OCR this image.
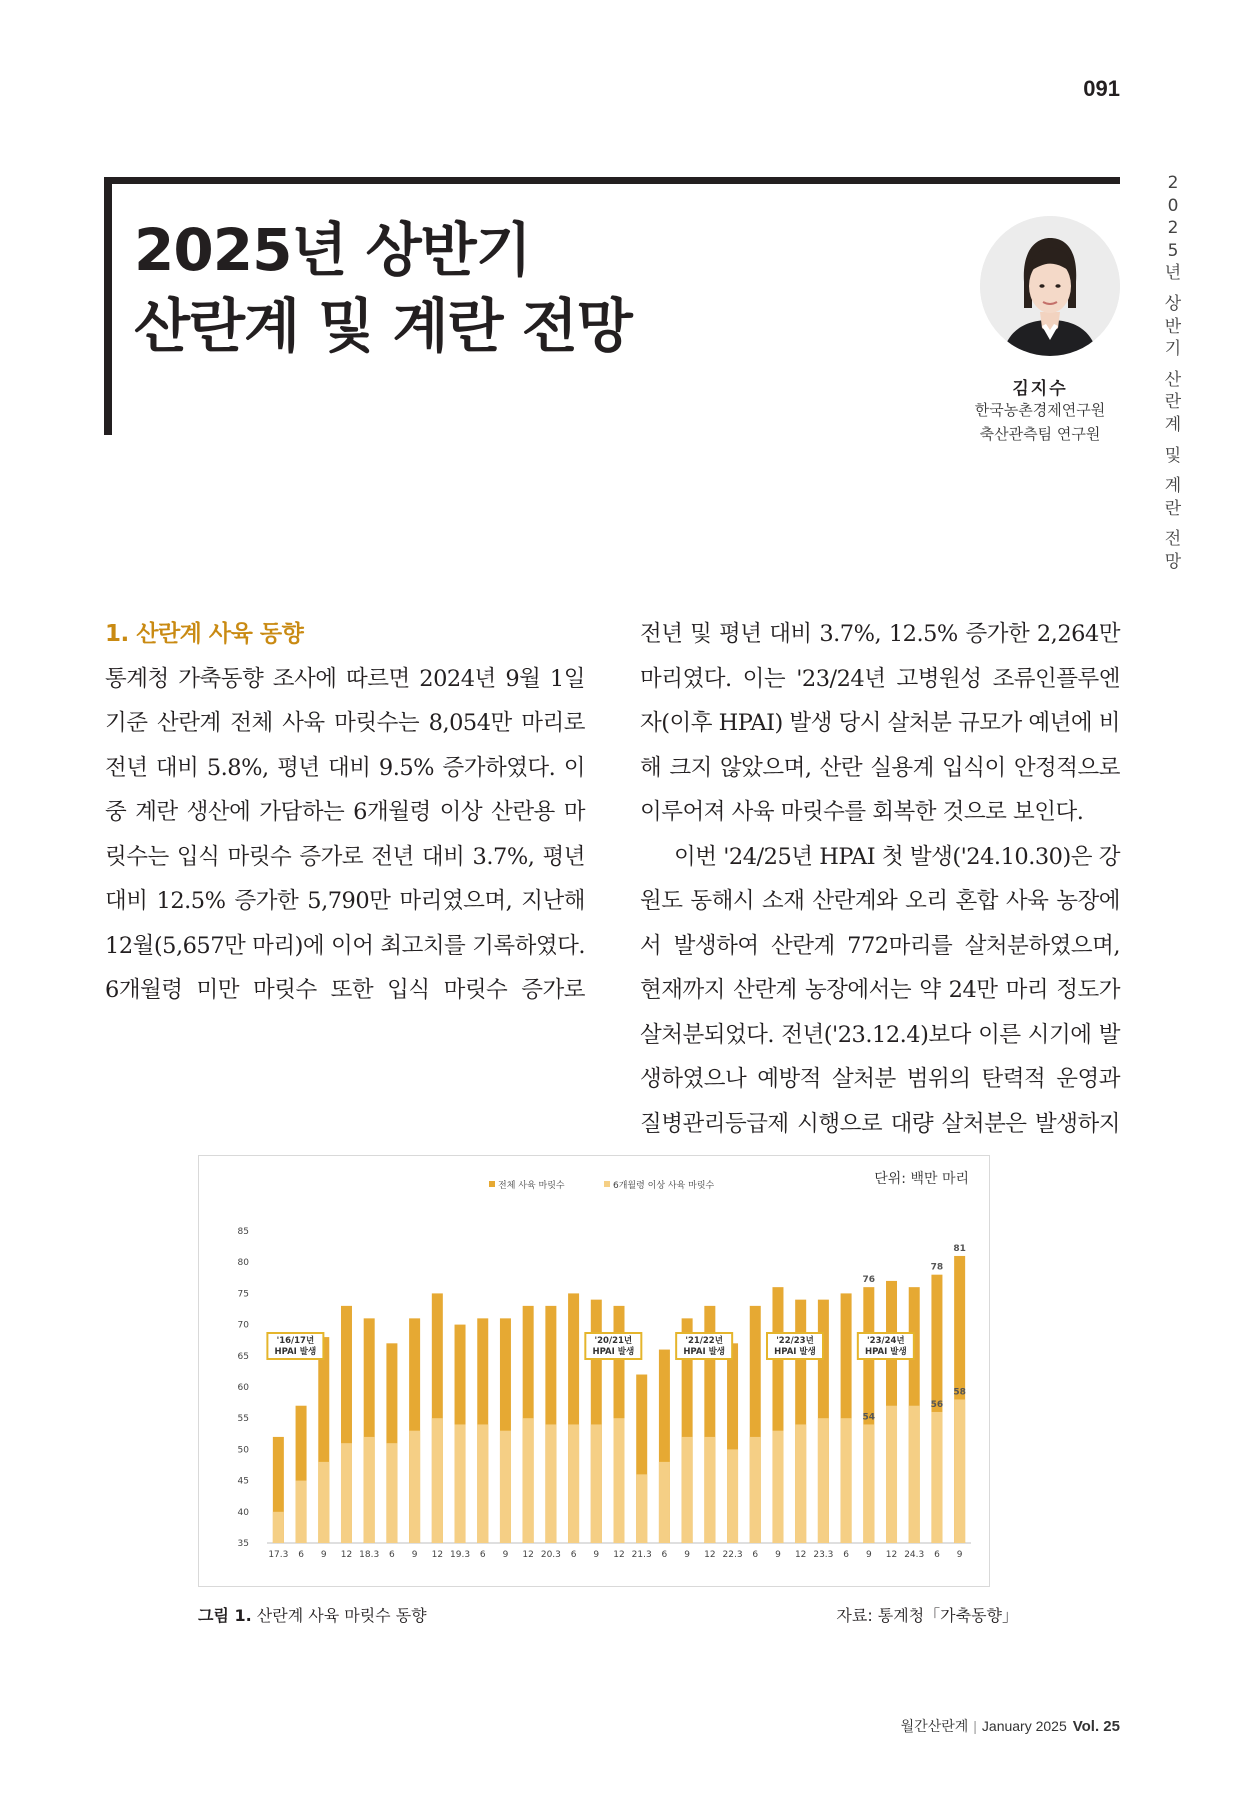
091
2025년 상반기
산란계 및 계란 전망
2
0
2
5
년
상
반
기
산
란
계
및
계
란
전
망
김지수
한국농촌경제연구원
축산관측팀 연구원
1. 산란계 사육 동향
통계청 가축동향 조사에 따르면 2024년 9월 1일 기준 산란계 전체 사육 마릿수는 8,054만 마리로 전년 대비 5.8%, 평년 대비 9.5% 증가하였다. 이 중 계란 생산에 가담하는 6개월령 이상 산란용 마릿수는 입식 마릿수 증가로 전년 대비 3.7%, 평년 대비 12.5% 증가한 5,790만 마리였으며, 지난해 12월(5,657만 마리)에 이어 최고치를 기록하였다. 6개월령 미만 마릿수 또한 입식 마릿수 증가로
전년 및 평년 대비 3.7%, 12.5% 증가한 2,264만 마리였다. 이는 '23/24년 고병원성 조류인플루엔자(이후 HPAI) 발생 당시 살처분 규모가 예년에 비해 크지 않았으며, 산란 실용계 입식이 안정적으로 이루어져 사육 마릿수를 회복한 것으로 보인다.
이번 '24/25년 HPAI 첫 발생('24.10.30)은 강원도 동해시 소재 산란계와 오리 혼합 사육 농장에서 발생하여 산란계 772마리를 살처분하였으며, 현재까지 산란계 농장에서는 약 24만 마리 정도가 살처분되었다. 전년('23.12.4)보다 이른 시기에 발생하였으나 예방적 살처분 범위의 탄력적 운영과 질병관리등급제 시행으로 대량 살처분은 발생하지
단위: 백만 마리
전체 사육 마릿수	6개월령 이상 사육 마릿수
35
40
45
50
55
60
65
70
75
80
85
17.3 6 9 12 18.3 6 9 12 19.3 6 9 12 20.3 6 9 12 21.3 6 9 12 22.3 6 9 12 23.3 6 9 12 24.3 6 9
76
78
81
54
56
58
'16/17년
HPAI 발생
'20/21년
HPAI 발생
'21/22년
HPAI 발생
'22/23년
HPAI 발생
'23/24년
HPAI 발생
그림 1. 산란계 사육 마릿수 동향	자료: 통계청「가축동향」
월간산란계 | January 2025 Vol. 25
